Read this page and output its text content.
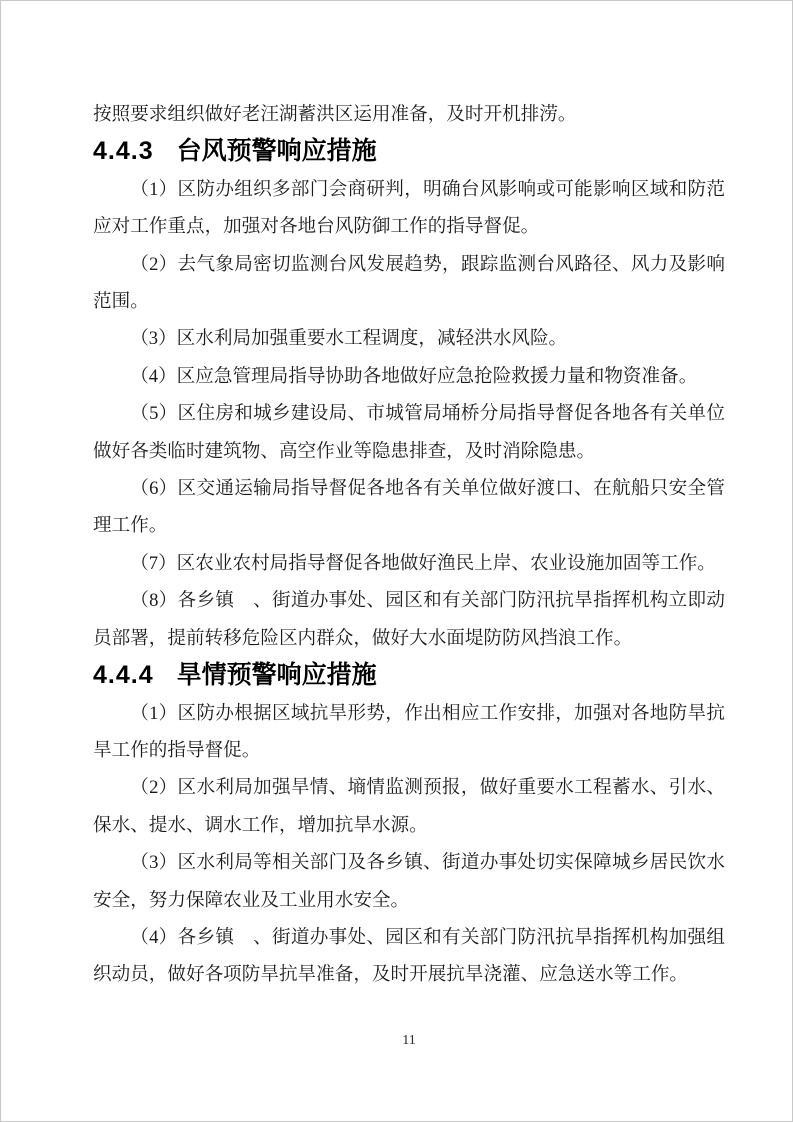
按照要求组织做好老汪湖蓄洪区运用准备，及时开机排涝。

4.4.3 台风预警响应措施

（1）区防办组织多部门会商研判，明确台风影响或可能影响区域和防范应对工作重点，加强对各地台风防御工作的指导督促。

（2）去气象局密切监测台风发展趋势，跟踪监测台风路径、风力及影响范围。

（3）区水利局加强重要水工程调度，减轻洪水风险。

（4）区应急管理局指导协助各地做好应急抢险救援力量和物资准备。

（5）区住房和城乡建设局、市城管局埇桥分局指导督促各地各有关单位做好各类临时建筑物、高空作业等隐患排查，及时消除隐患。

（6）区交通运输局指导督促各地各有关单位做好渡口、在航船只安全管理工作。

（7）区农业农村局指导督促各地做好渔民上岸、农业设施加固等工作。

（8）各乡镇　、街道办事处、园区和有关部门防汛抗旱指挥机构立即动员部署，提前转移危险区内群众，做好大水面堤防防风挡浪工作。

4.4.4 旱情预警响应措施

（1）区防办根据区域抗旱形势，作出相应工作安排，加强对各地防旱抗旱工作的指导督促。

（2）区水利局加强旱情、墒情监测预报，做好重要水工程蓄水、引水、保水、提水、调水工作，增加抗旱水源。

（3）区水利局等相关部门及各乡镇、街道办事处切实保障城乡居民饮水安全，努力保障农业及工业用水安全。

（4）各乡镇　、街道办事处、园区和有关部门防汛抗旱指挥机构加强组织动员，做好各项防旱抗旱准备，及时开展抗旱浇灌、应急送水等工作。

11
